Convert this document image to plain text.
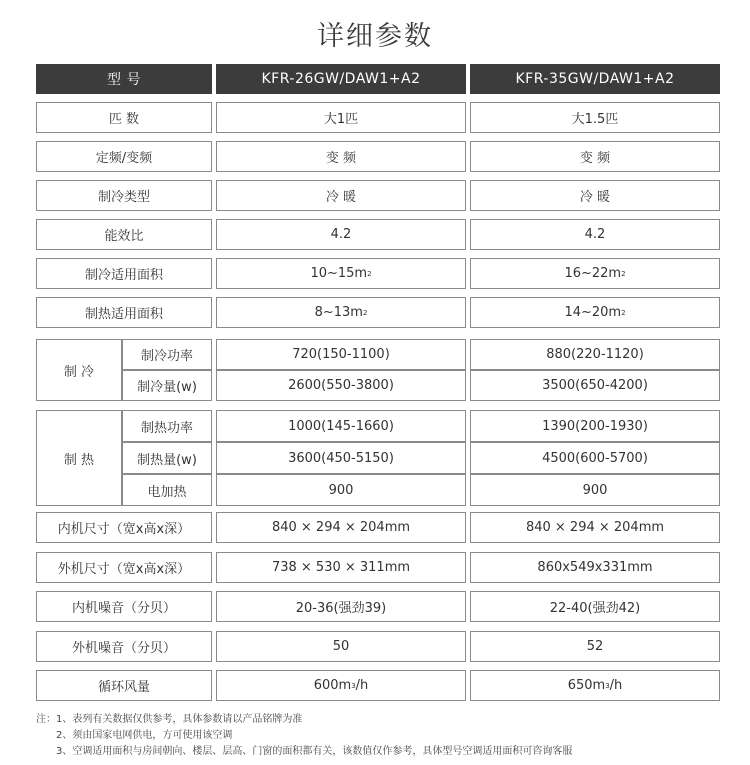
详细参数
型 号	KFR-26GW/DAW1+A2	KFR-35GW/DAW1+A2
匹 数	大1匹	大1.5匹
定频/变频	变 频	变 频
制冷类型	冷 暖	冷 暖
能效比	4.2	4.2
制冷适用面积	10~15m 2	16~22m 2
制热适用面积	8~13m 2	14~20m 2
制 冷
制冷功率	720(150-1100)	880(220-1120)
制冷量(w)	2600(550-3800)	3500(650-4200)
制 热
制热功率	1000(145-1660)	1390(200-1930)
制热量(w)	3600(450-5150)	4500(600-5700)
电加热	900	900
内机尺寸（宽x高x深）	840 × 294 × 204mm	840 × 294 × 204mm
外机尺寸（宽x高x深）	738 × 530 × 311mm	860x549x331mm
内机噪音（分贝）	20-36(强劲39)	22-40(强劲42)
外机噪音（分贝）	50	52
循环风量	600m 3 /h	650m 3 /h
注：1、表列有关数据仅供参考，具体参数请以产品铭牌为准
2、须由国家电网供电，方可使用该空调
3、空调适用面积与房间朝向、楼层、层高、门窗的面积都有关，该数值仅作参考，具体型号空调适用面积可咨询客服
